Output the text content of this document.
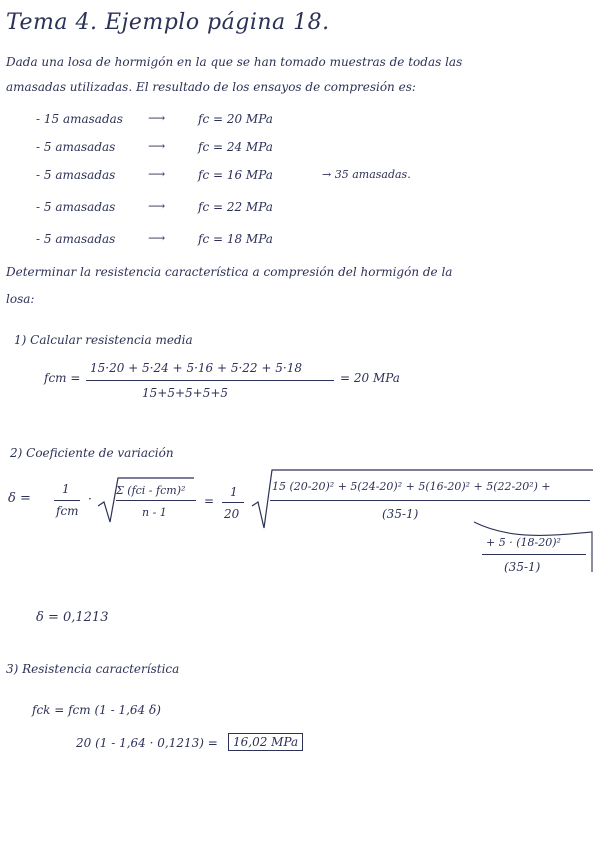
Tema 4. Ejemplo página 18.
Dada una losa de hormigón en la que se han tomado muestras de todas las
amasadas utilizadas. El resultado de los ensayos de compresión es:
- 15 amasadas ⟶	fc = 20 MPa
- 5 amasadas	⟶	fc = 24 MPa
- 5 amasadas	⟶	fc = 16 MPa	→ 35 amasadas.
- 5 amasadas	⟶	fc = 22 MPa
- 5 amasadas	⟶	fc = 18 MPa
Determinar la resistencia característica a compresión del hormigón de la
losa:
1) Calcular resistencia media
fcm =
15·20 + 5·24 + 5·16 + 5·22 + 5·18
15+5+5+5+5
= 20 MPa
2) Coeficiente de variación
δ =
1
fcm
·
Σ (fci - fcm)²
n - 1
=
1
20
15 (20-20)² + 5(24-20)² + 5(16-20)² + 5(22-20²) +
(35-1)
+ 5 · (18-20)²
(35-1)
δ = 0,1213
3) Resistencia característica
fck = fcm (1 - 1,64 δ)
20 (1 - 1,64 · 0,1213) =	16,02 MPa
